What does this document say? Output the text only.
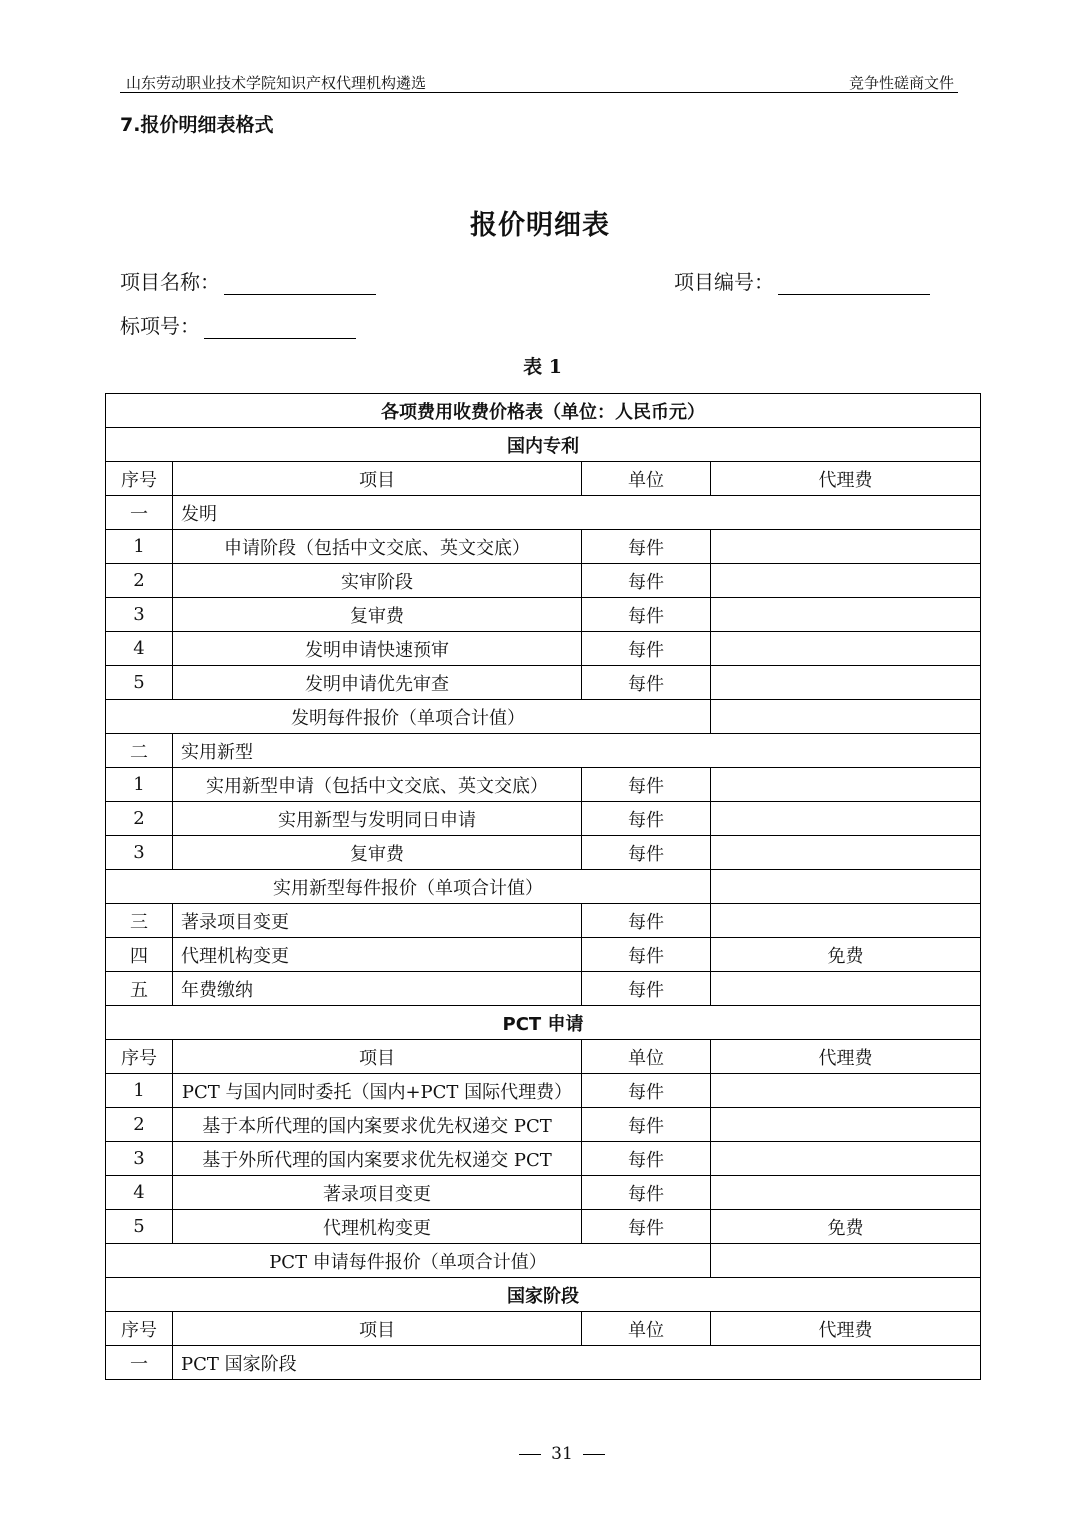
山东劳动职业技术学院知识产权代理机构遴选	竞争性磋商文件
7.报价明细表格式
报价明细表
项目名称：	项目编号：
标项号：
表 1
各项费用收费价格表（单位：人民币元）			
国内专利			
序号	项目	单位	代理费
一	发明		
1	申请阶段（包括中文交底、英文交底）	每件	
2	实审阶段	每件	
3	复审费	每件	
4	发明申请快速预审	每件	
5	发明申请优先审查	每件	
发明每件报价（单项合计值）			
二	实用新型		
1	实用新型申请（包括中文交底、英文交底）	每件	
2	实用新型与发明同日申请	每件	
3	复审费	每件	
实用新型每件报价（单项合计值）			
三	著录项目变更	每件	
四	代理机构变更	每件	免费
五	年费缴纳	每件	
PCT 申请			
序号	项目	单位	代理费
1	PCT 与国内同时委托（国内+PCT 国际代理费）	每件	
2	基于本所代理的国内案要求优先权递交 PCT	每件	
3	基于外所代理的国内案要求优先权递交 PCT	每件	
4	著录项目变更	每件	
5	代理机构变更	每件	免费
PCT 申请每件报价（单项合计值）			
国家阶段			
序号	项目	单位	代理费
一	PCT 国家阶段		
31
